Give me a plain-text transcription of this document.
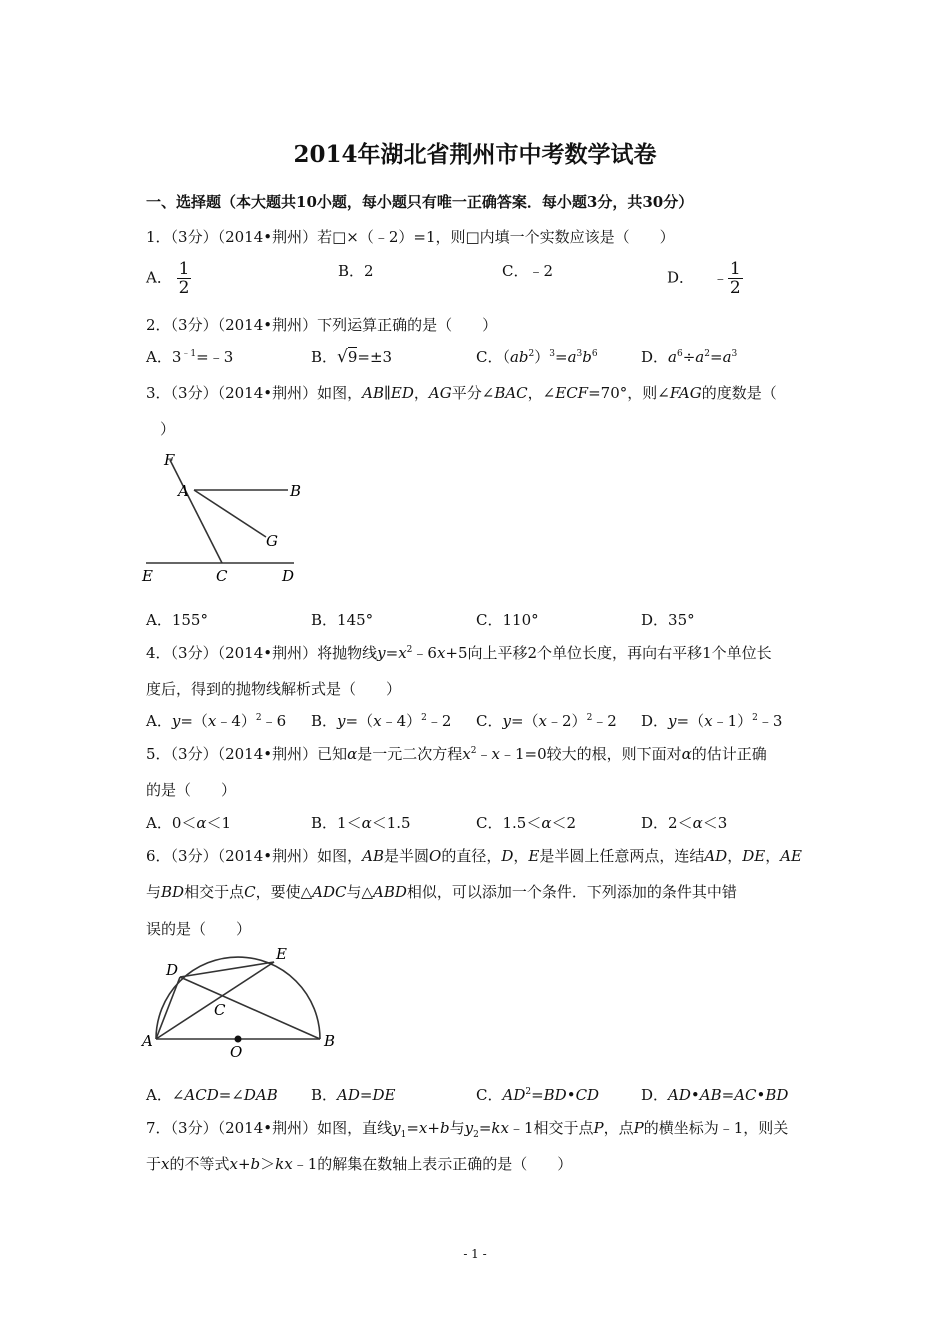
2014年湖北省荆州市中考数学试卷
一、选择题（本大题共10小题，每小题只有唯一正确答案．每小题3分，共30分）
1．（3分）（2014•荆州）若□×（﹣2）=1，则□内填一个实数应该是（　　）
A． $\frac{1}{2}$	B．2	C．﹣2	D． ﹣ $\frac{1}{2}$
2．（3分）（2014•荆州）下列运算正确的是（　　）
A．$3^{﹣1}=﹣3$	B．√9=±3	C．$(ab^2)^3=a^3b^6$	D．$a^6\div a^2=a^3$
3．（3分）（2014•荆州）如图，AB∥ED，AG平分∠BAC，∠ECF=70°，则∠FAG的度数是（
）
F
A	B
G
E	C	D
A．155°	B．145°	C．110°	D．35°
4．（3分）（2014•荆州）将抛物线$y=x^2﹣6x+5$向上平移2个单位长度，再向右平移1个单位长
度后，得到的抛物线解析式是（　　）
A．y=（x﹣4）$^2$﹣6 B．y=（x﹣4）$^2$﹣2 C．y=（x﹣2）$^2$﹣2 D．y=（x﹣1）$^2$﹣3
5．（3分）（2014•荆州）已知α是一元二次方程$x^2﹣x﹣1=0$较大的根，则下面对α的估计正确
的是（　　）
A．0＜α＜1	B．1＜α＜1.5	C．1.5＜α＜2	D．2＜α＜3
6．（3分）（2014•荆州）如图，AB是半圆O的直径，D，E是半圆上任意两点，连结AD，DE，AE
与BD相交于点C，要使△ADC与△ABD相似，可以添加一个条件．下列添加的条件其中错
误的是（　　）
D
E
C
A
O
B
A．∠ACD=∠DAB B．AD=DE	C．$AD^2=BD•CD$	D．AD•AB=AC•BD
7．（3分）（2014•荆州）如图，直线$y_1=x+b$与$y_2=kx﹣1$相交于点P，点P的横坐标为﹣1，则关
于x的不等式x+b＞kx﹣1的解集在数轴上表示正确的是（　　）
- 1 -
